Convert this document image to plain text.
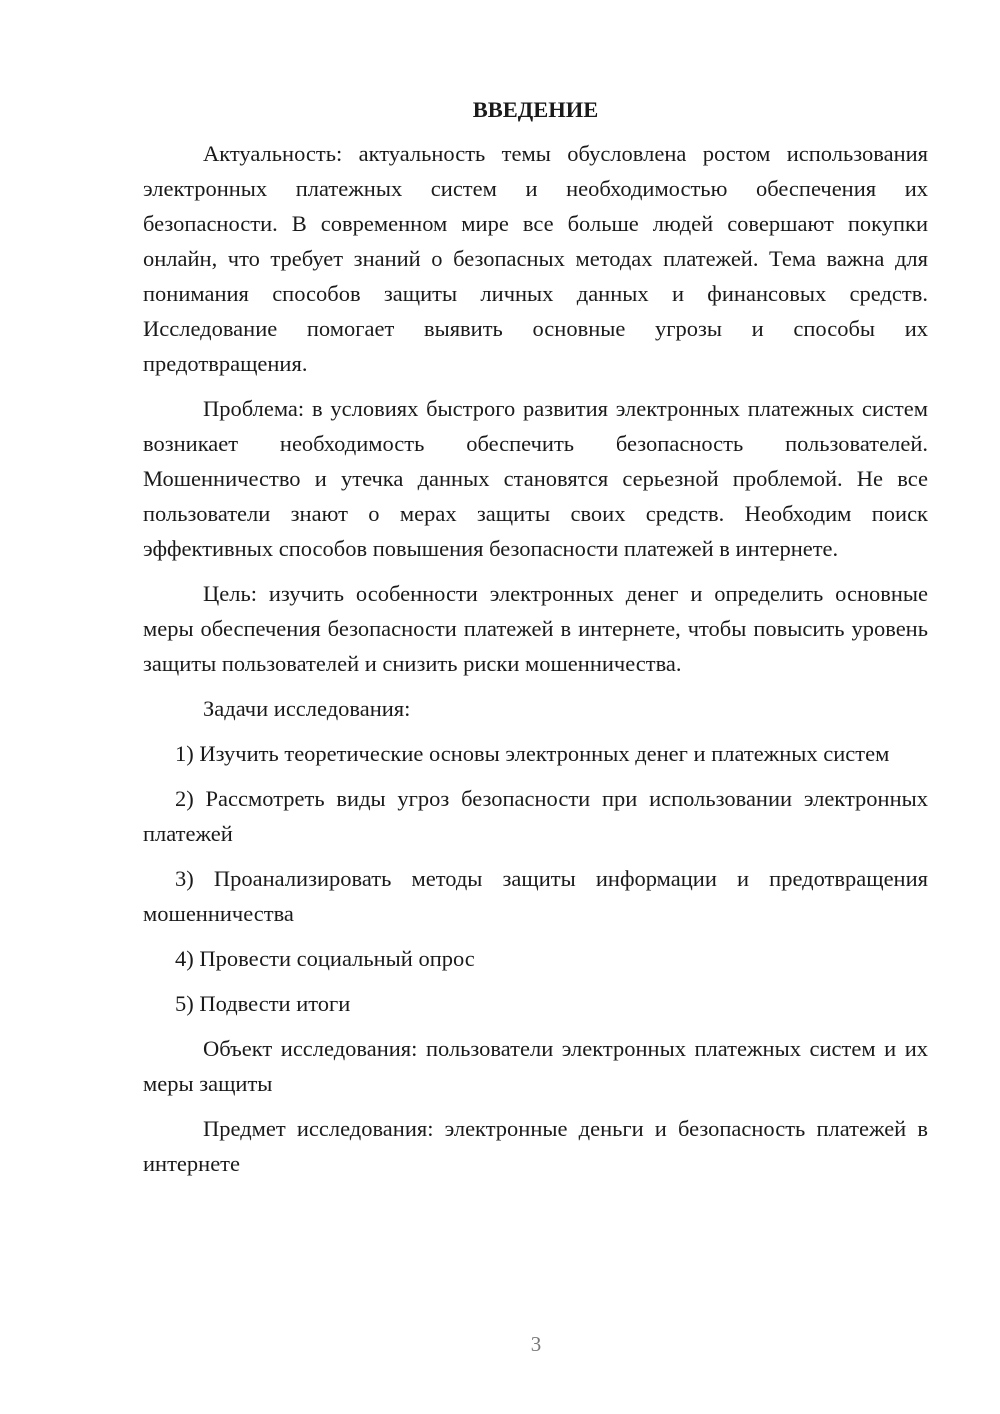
ВВЕДЕНИЕ

Актуальность: актуальность темы обусловлена ростом использования электронных платежных систем и необходимостью обеспечения их безопасности. В современном мире все больше людей совершают покупки онлайн, что требует знаний о безопасных методах платежей. Тема важна для понимания способов защиты личных данных и финансовых средств. Исследование помогает выявить основные угрозы и способы их предотвращения.

Проблема: в условиях быстрого развития электронных платежных систем возникает необходимость обеспечить безопасность пользователей. Мошенничество и утечка данных становятся серьезной проблемой. Не все пользователи знают о мерах защиты своих средств. Необходим поиск эффективных способов повышения безопасности платежей в интернете.

Цель: изучить особенности электронных денег и определить основные меры обеспечения безопасности платежей в интернете, чтобы повысить уровень защиты пользователей и снизить риски мошенничества.

Задачи исследования:

1) Изучить теоретические основы электронных денег и платежных систем

2) Рассмотреть виды угроз безопасности при использовании электронных платежей

3) Проанализировать методы защиты информации и предотвращения мошенничества

4) Провести социальный опрос

5) Подвести итоги

Объект исследования: пользователи электронных платежных систем и их меры защиты

Предмет исследования: электронные деньги и безопасность платежей в интернете

3
